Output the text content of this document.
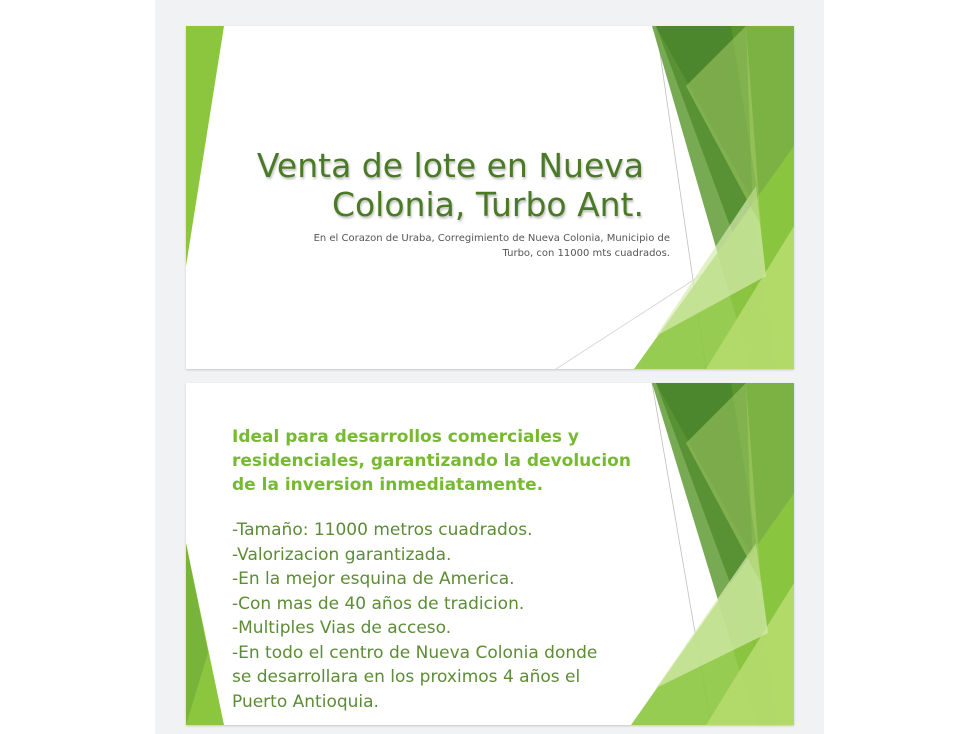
Venta de lote en Nueva
Colonia, Turbo Ant.
En el Corazon de Uraba, Corregimiento de Nueva Colonia, Municipio de
Turbo, con 11000 mts cuadrados.
Ideal para desarrollos comerciales y
residenciales, garantizando la devolucion
de la inversion inmediatamente.
-Tamaño: 11000 metros cuadrados.
-Valorizacion garantizada.
-En la mejor esquina de America.
-Con mas de 40 años de tradicion.
-Multiples Vias de acceso.
-En todo el centro de Nueva Colonia donde
se desarrollara en los proximos 4 años el
Puerto Antioquia.
